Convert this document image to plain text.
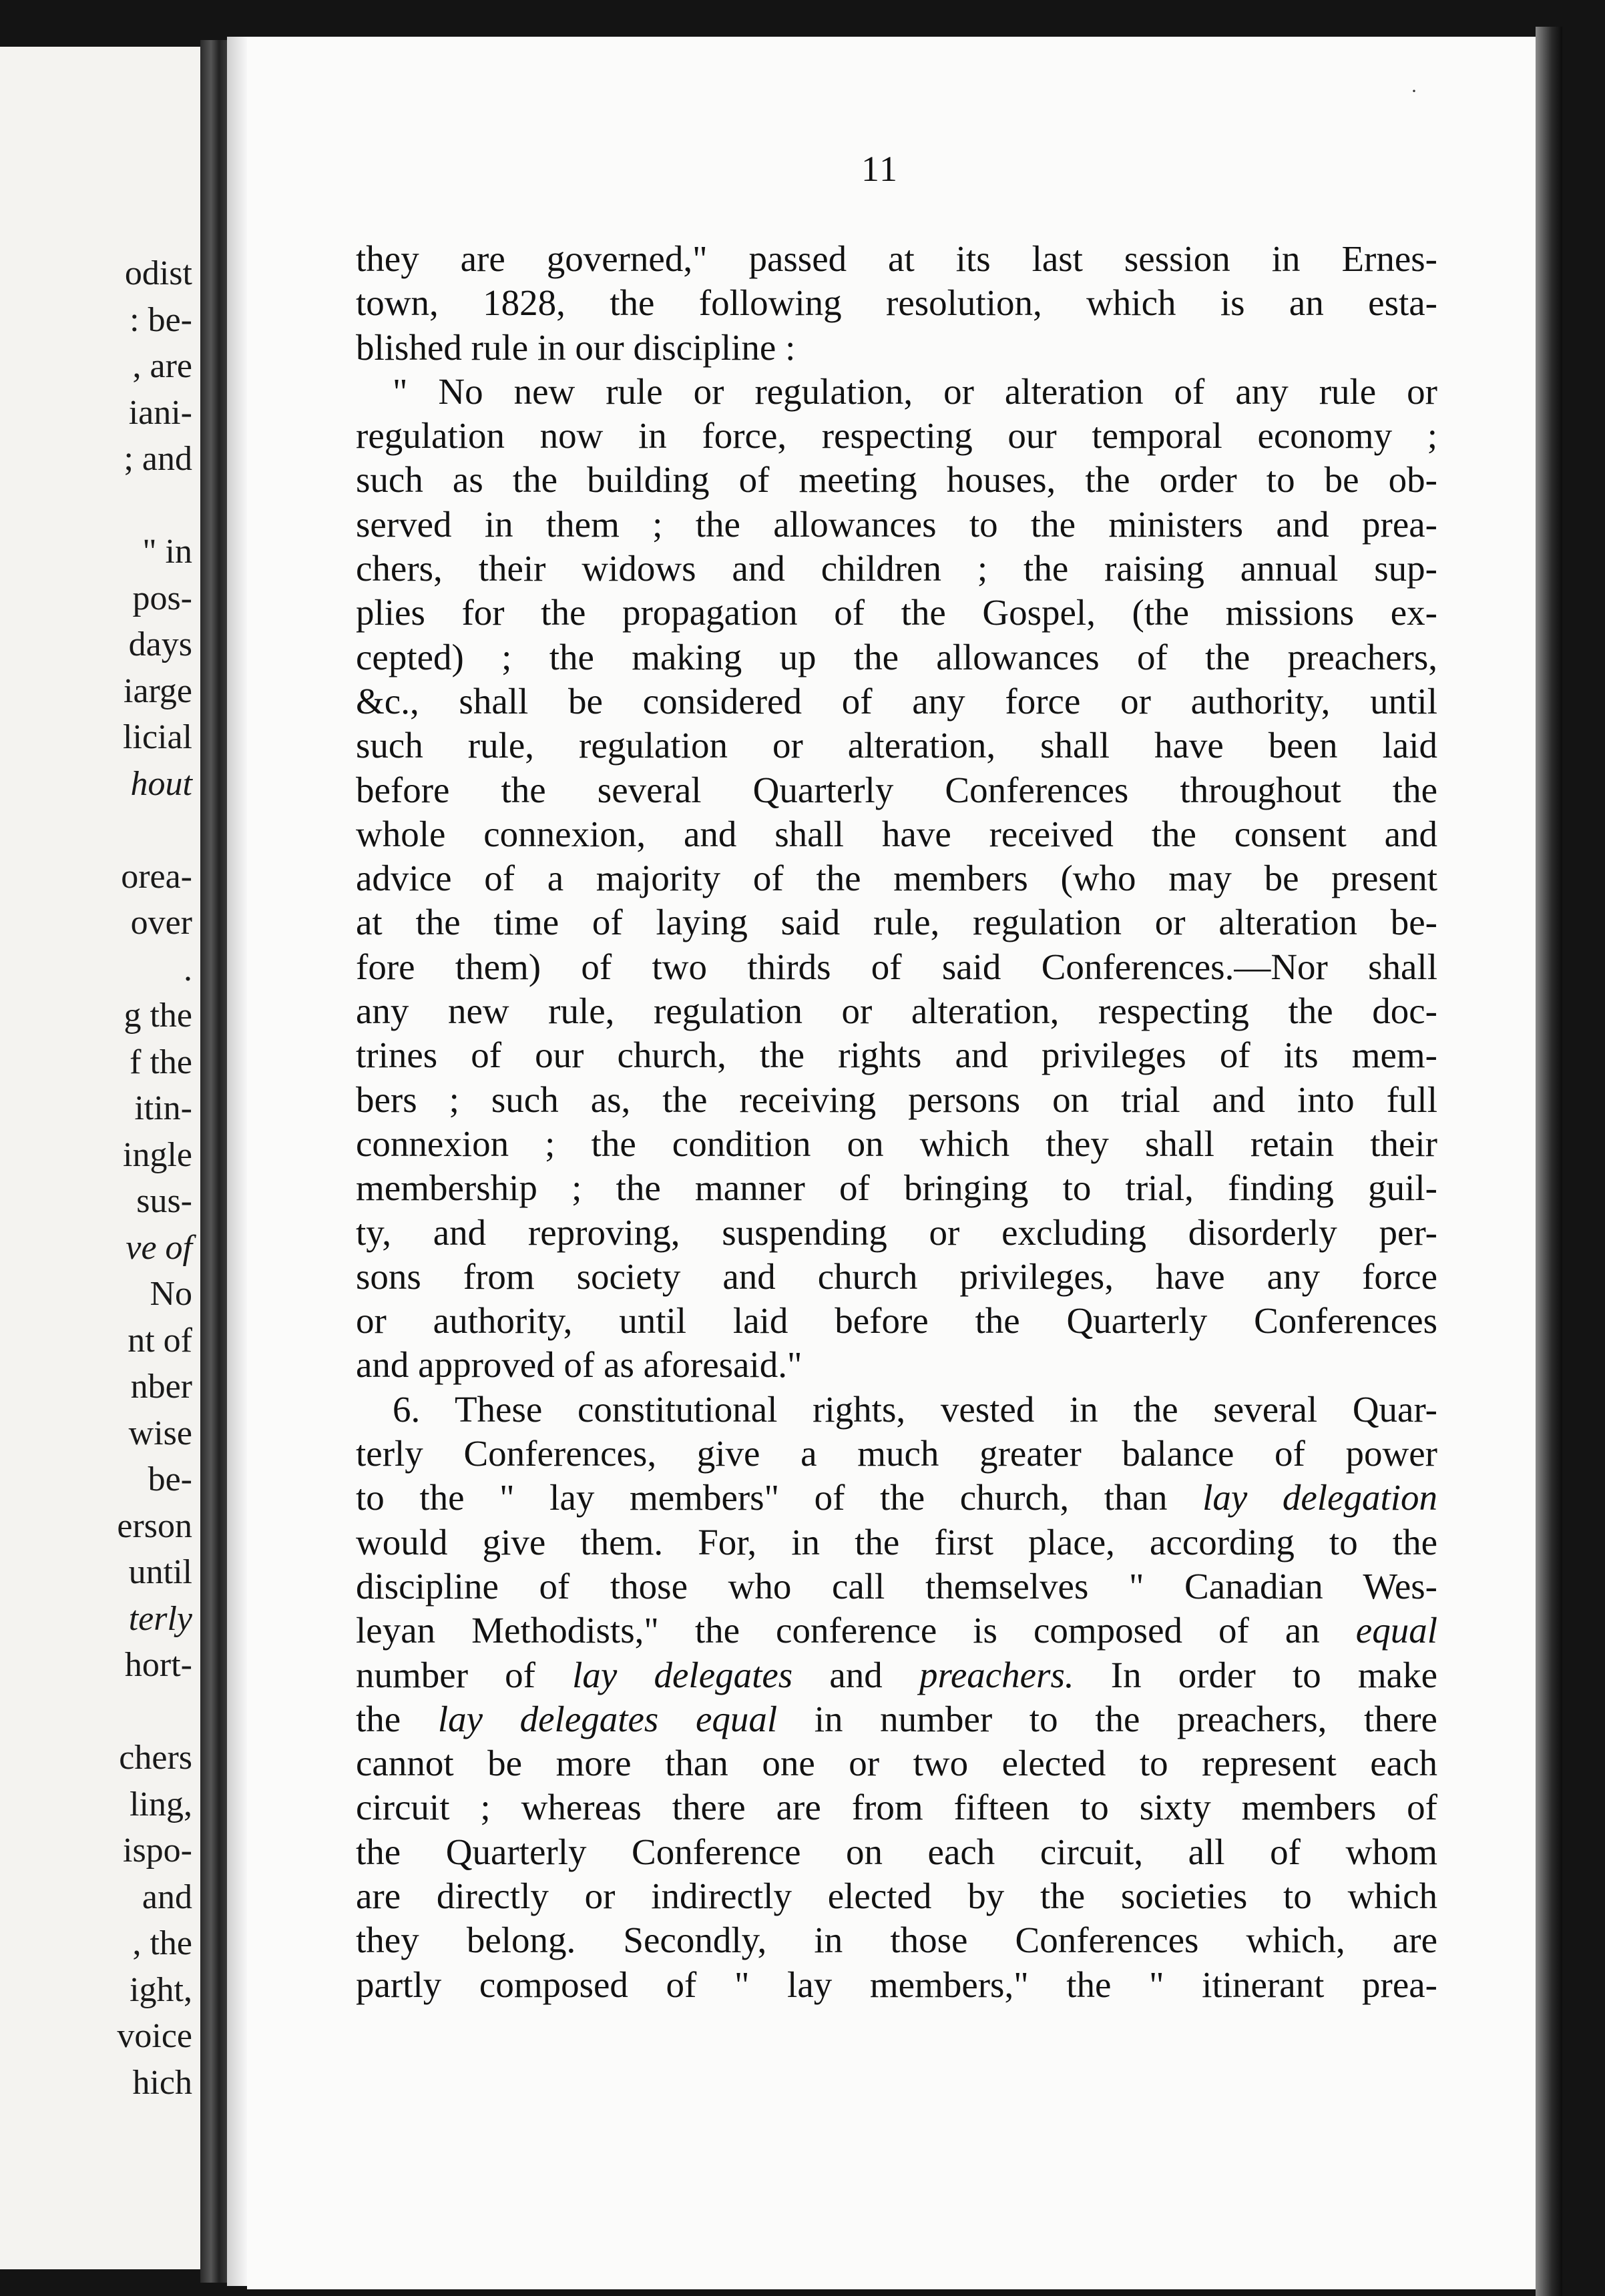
odist
: be-
, are
iani-
; and
" in
pos-
days
iarge
licial
hout
orea-
over
.
g the
f the
itin-
ingle
sus-
ve of
No
nt of
nber
wise
be-
erson
until
terly
hort-
chers
ling,
ispo-
and
, the
ight,
voice
hich
11
·
they are governed," passed at its last session in Ernes-
town, 1828, the following resolution, which is an esta-
blished rule in our discipline :
" No new rule or regulation, or alteration of any rule or
regulation now in force, respecting our temporal economy ;
such as the building of meeting houses, the order to be ob-
served in them ; the allowances to the ministers and prea-
chers, their widows and children ; the raising annual sup-
plies for the propagation of the Gospel, (the missions ex-
cepted) ; the making up the allowances of the preachers,
&c., shall be considered of any force or authority, until
such rule, regulation or alteration, shall have been laid
before the several Quarterly Conferences throughout the
whole connexion, and shall have received the consent and
advice of a majority of the members (who may be present
at the time of laying said rule, regulation or alteration be-
fore them) of two thirds of said Conferences.—Nor shall
any new rule, regulation or alteration, respecting the doc-
trines of our church, the rights and privileges of its mem-
bers ; such as, the receiving persons on trial and into full
connexion ; the condition on which they shall retain their
membership ; the manner of bringing to trial, finding guil-
ty, and reproving, suspending or excluding disorderly per-
sons from society and church privileges, have any force
or authority, until laid before the Quarterly Conferences
and approved of as aforesaid."
6. These constitutional rights, vested in the several Quar-
terly Conferences, give a much greater balance of power
to the " lay members" of the church, than lay delegation
would give them. For, in the first place, according to the
discipline of those who call themselves " Canadian Wes-
leyan Methodists," the conference is composed of an equal
number of lay delegates and preachers. In order to make
the lay delegates equal in number to the preachers, there
cannot be more than one or two elected to represent each
circuit ; whereas there are from fifteen to sixty members of
the Quarterly Conference on each circuit, all of whom
are directly or indirectly elected by the societies to which
they belong. Secondly, in those Conferences which, are
partly composed of " lay members," the " itinerant prea-
